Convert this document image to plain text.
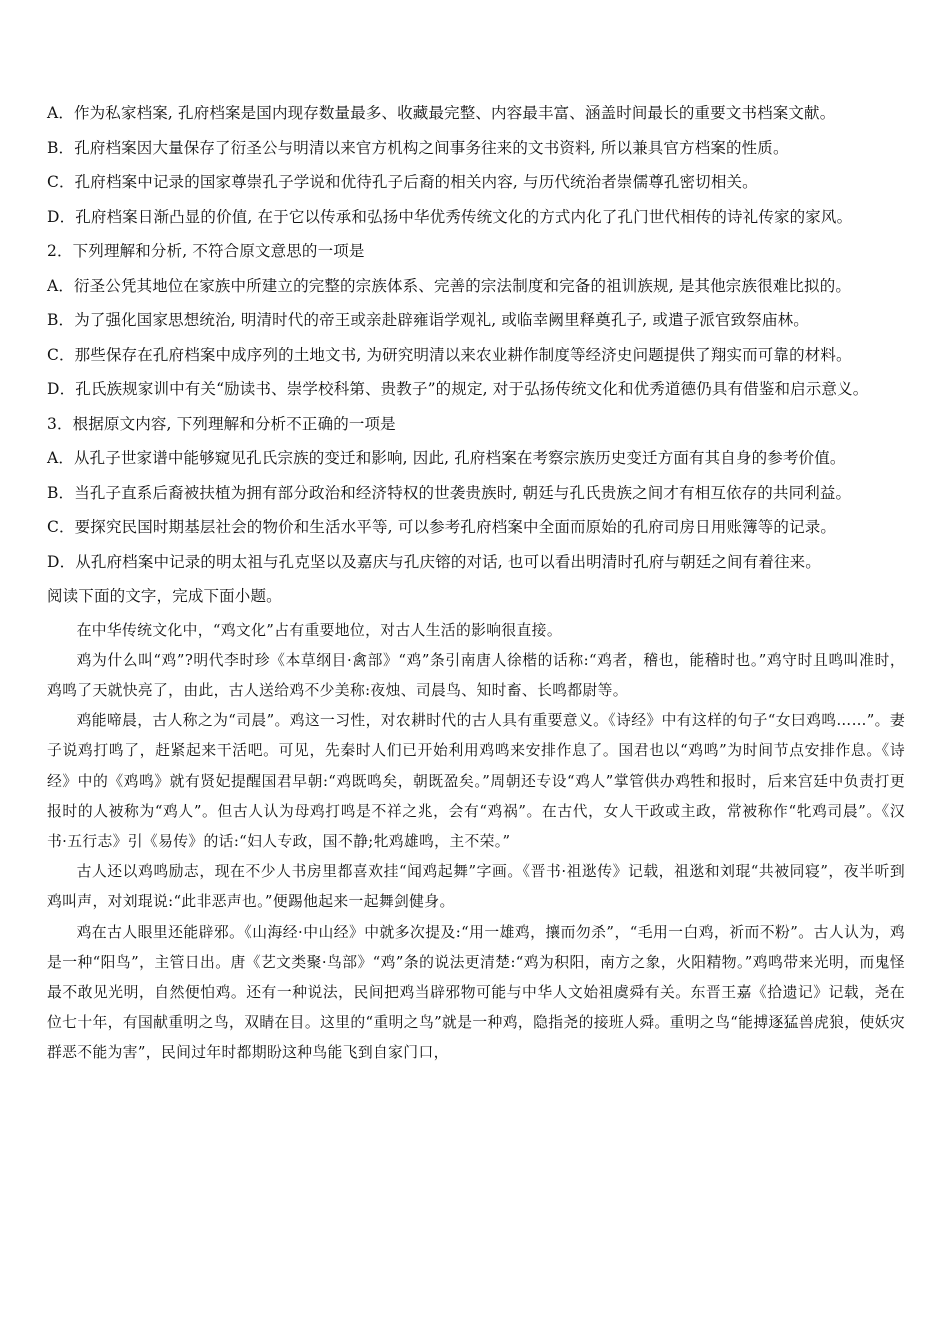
A．作为私家档案, 孔府档案是国内现存数量最多、收藏最完整、内容最丰富、涵盖时间最长的重要文书档案文献。
B．孔府档案因大量保存了衍圣公与明清以来官方机构之间事务往来的文书资料, 所以兼具官方档案的性质。
C．孔府档案中记录的国家尊崇孔子学说和优待孔子后裔的相关内容, 与历代统治者崇儒尊孔密切相关。
D．孔府档案日渐凸显的价值, 在于它以传承和弘扬中华优秀传统文化的方式内化了孔门世代相传的诗礼传家的家风。
2．下列理解和分析, 不符合原文意思的一项是
A．衍圣公凭其地位在家族中所建立的完整的宗族体系、完善的宗法制度和完备的祖训族规, 是其他宗族很难比拟的。
B．为了强化国家思想统治, 明清时代的帝王或亲赴辟雍诣学观礼, 或临幸阙里释奠孔子, 或遣子派官致祭庙林。
C．那些保存在孔府档案中成序列的土地文书, 为研究明清以来农业耕作制度等经济史问题提供了翔实而可靠的材料。
D．孔氏族规家训中有关“励读书、崇学校科第、贵教子”的规定, 对于弘扬传统文化和优秀道德仍具有借鉴和启示意义。
3．根据原文内容, 下列理解和分析不正确的一项是
A．从孔子世家谱中能够窥见孔氏宗族的变迁和影响, 因此, 孔府档案在考察宗族历史变迁方面有其自身的参考价值。
B．当孔子直系后裔被扶植为拥有部分政治和经济特权的世袭贵族时, 朝廷与孔氏贵族之间才有相互依存的共同利益。
C．要探究民国时期基层社会的物价和生活水平等, 可以参考孔府档案中全面而原始的孔府司房日用账簿等的记录。
D．从孔府档案中记录的明太祖与孔克坚以及嘉庆与孔庆镕的对话, 也可以看出明清时孔府与朝廷之间有着往来。
阅读下面的文字，完成下面小题。

在中华传统文化中，“鸡文化”占有重要地位，对古人生活的影响很直接。

鸡为什么叫“鸡”?明代李时珍《本草纲目·禽部》“鸡”条引南唐人徐楷的话称:“鸡者，稽也，能稽时也。”鸡守时且鸣叫准时，鸡鸣了天就快亮了，由此，古人送给鸡不少美称:夜烛、司晨鸟、知时畜、长鸣都尉等。

鸡能啼晨，古人称之为“司晨”。鸡这一习性，对农耕时代的古人具有重要意义。《诗经》中有这样的句子“女曰鸡鸣……”。妻子说鸡打鸣了，赶紧起来干活吧。可见，先秦时人们已开始利用鸡鸣来安排作息了。国君也以“鸡鸣”为时间节点安排作息。《诗经》中的《鸡鸣》就有贤妃提醒国君早朝:“鸡既鸣矣，朝既盈矣。”周朝还专设“鸡人”掌管供办鸡牲和报时，后来宫廷中负责打更报时的人被称为“鸡人”。但古人认为母鸡打鸣是不祥之兆，会有“鸡祸”。在古代，女人干政或主政，常被称作“牝鸡司晨”。《汉书·五行志》引《易传》的话:“妇人专政，国不静;牝鸡雄鸣，主不荣。”

古人还以鸡鸣励志，现在不少人书房里都喜欢挂“闻鸡起舞”字画。《晋书·祖逖传》记载，祖逖和刘琨“共被同寝”，夜半听到鸡叫声，对刘琨说:“此非恶声也。”便踢他起来一起舞剑健身。

鸡在古人眼里还能辟邪。《山海经·中山经》中就多次提及:“用一雄鸡，攘而勿杀”，“毛用一白鸡，祈而不粉”。古人认为，鸡是一种“阳鸟”，主管日出。唐《艺文类聚·鸟部》“鸡”条的说法更清楚:“鸡为积阳，南方之象，火阳精物。”鸡鸣带来光明，而鬼怪最不敢见光明，自然便怕鸡。还有一种说法，民间把鸡当辟邪物可能与中华人文始祖虞舜有关。东晋王嘉《拾遗记》记载，尧在位七十年，有国献重明之鸟，双睛在目。这里的“重明之鸟”就是一种鸡，隐指尧的接班人舜。重明之鸟“能搏逐猛兽虎狼，使妖灾群恶不能为害”，民间过年时都期盼这种鸟能飞到自家门口，
